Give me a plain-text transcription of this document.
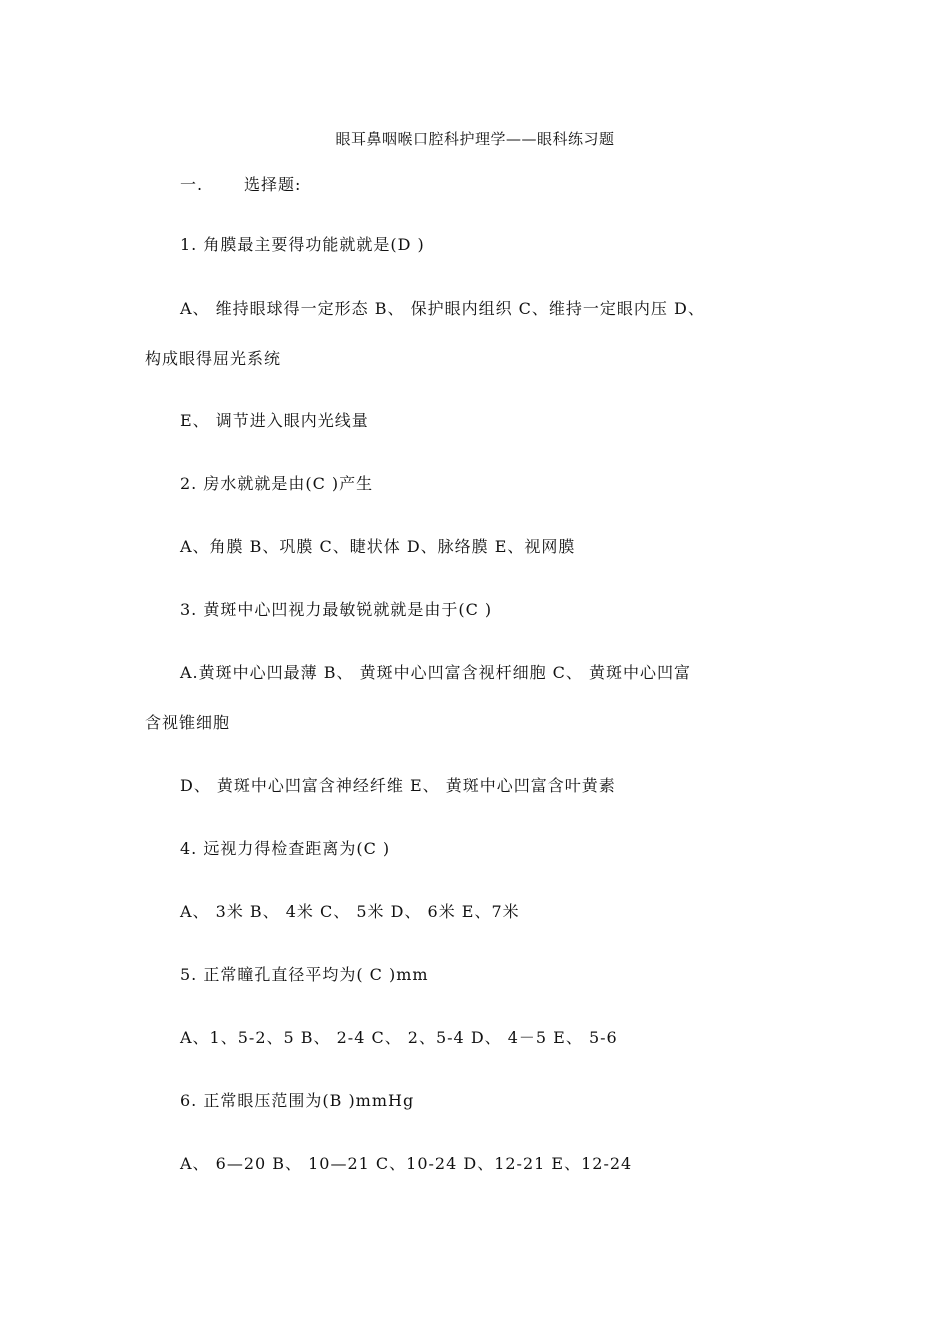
眼耳鼻咽喉口腔科护理学——眼科练习题
一.	选择题:
1. 角膜最主要得功能就就是(D )
A、 维持眼球得一定形态 B、 保护眼内组织 C、维持一定眼内压 D、
构成眼得屈光系统
E、 调节进入眼内光线量
2. 房水就就是由(C )产生
A、角膜 B、巩膜 C、睫状体 D、脉络膜 E、视网膜
3. 黄斑中心凹视力最敏锐就就是由于(C )
A.黄斑中心凹最薄 B、 黄斑中心凹富含视杆细胞 C、 黄斑中心凹富
含视锥细胞
D、 黄斑中心凹富含神经纤维 E、 黄斑中心凹富含叶黄素
4. 远视力得检查距离为(C )
A、 3米 B、 4米 C、 5米 D、 6米 E、7米
5. 正常瞳孔直径平均为( C )mm
A、1、5-2、5 B、 2-4 C、 2、5-4 D、 4－5 E、 5-6
6. 正常眼压范围为(B )mmHg
A、 6—20 B、 10—21 C、10-24 D、12-21 E、12-24
